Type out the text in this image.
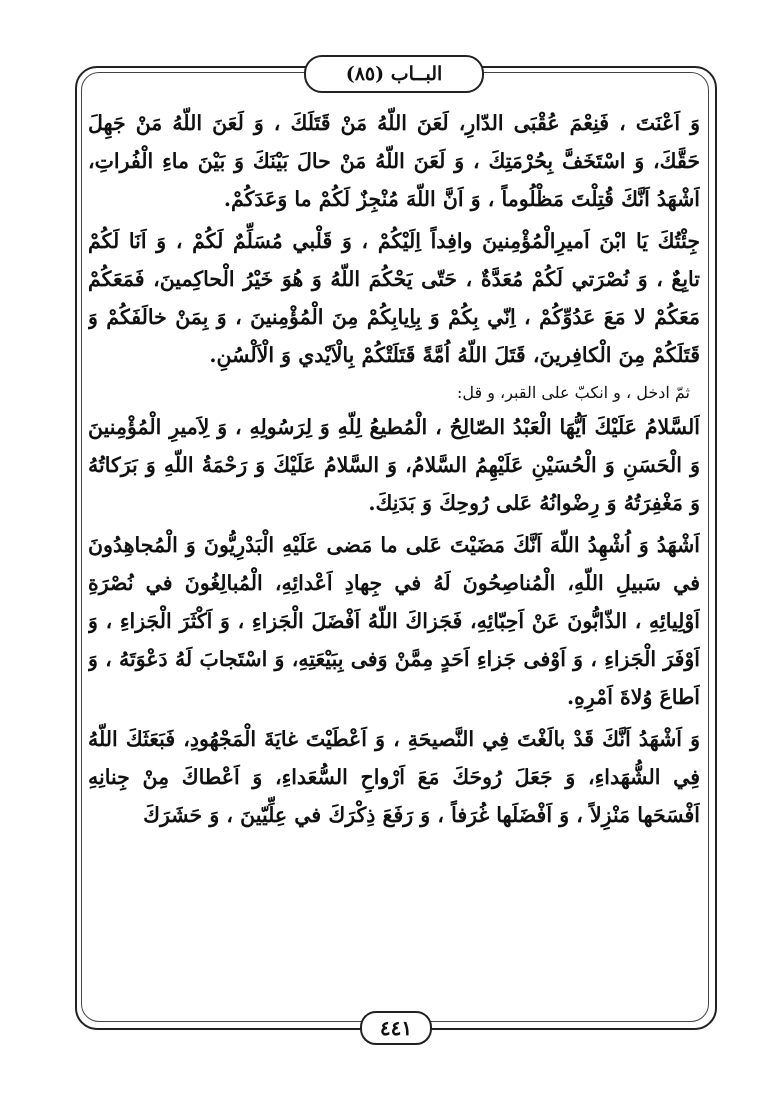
البــاب (٨٥)

وَ اَعْنَتَ ، فَنِعْمَ عُقْبَى الدّارِ، لَعَنَ اللّهُ مَنْ قَتَلَكَ ، وَ لَعَنَ اللّهُ مَنْ جَهِلَ حَقَّكَ، وَ اسْتَخَفَّ بِحُرْمَتِكَ ، وَ لَعَنَ اللّهُ مَنْ حالَ بَيْنَكَ وَ بَيْنَ ماءِ الْفُراتِ، اَشْهَدُ اَنَّكَ قُتِلْتَ مَظْلُوماً ، وَ اَنَّ اللّهَ مُنْجِزٌ لَكُمْ ما وَعَدَكُمْ.

جِئْتُكَ يَا ابْنَ اَميرِالْمُؤْمِنينَ وافِداً اِلَيْكُمْ ، وَ قَلْبي مُسَلِّمٌ لَكُمْ ، وَ اَنَا لَكُمْ تابِعٌ ، وَ نُصْرَتي لَكُمْ مُعَدَّةٌ ، حَتّى يَحْكُمَ اللّهُ وَ هُوَ خَيْرُ الْحاكِمينَ، فَمَعَكُمْ مَعَكُمْ لا مَعَ عَدُوِّكُمْ ، اِنّي بِكُمْ وَ بِاِيابِكُمْ مِنَ الْمُؤْمِنينَ ، وَ بِمَنْ خالَفَكُمْ وَ قَتَلَكُمْ مِنَ الْكافِرينَ، قَتَلَ اللّهُ اُمَّةً قَتَلَتْكُمْ بِالْاَيْدي وَ الْاَلْسُنِ.

ثمّ ادخل ، و انكبّ على القبر، و قل:

اَلسَّلامُ عَلَيْكَ اَيُّهَا الْعَبْدُ الصّالِحُ ، الْمُطيعُ لِلّهِ وَ لِرَسُولِهِ ، وَ لِاَميرِ الْمُؤْمِنينَ وَ الْحَسَنِ وَ الْحُسَيْنِ عَلَيْهِمُ السَّلامُ، وَ السَّلامُ عَلَيْكَ وَ رَحْمَةُ اللّهِ وَ بَرَكاتُهُ وَ مَغْفِرَتُهُ وَ رِضْوانُهُ عَلى رُوحِكَ وَ بَدَنِكَ.

اَشْهَدُ وَ اُشْهِدُ اللّهَ اَنَّكَ مَضَيْتَ عَلى ما مَضى عَلَيْهِ الْبَدْرِيُّونَ وَ الْمُجاهِدُونَ في سَبيلِ اللّهِ، الْمُناصِحُونَ لَهُ في جِهادِ اَعْدائِهِ، الْمُبالِغُونَ في نُصْرَةِ اَوْلِيائِهِ ، الذّابُّونَ عَنْ اَحِبّائِهِ، فَجَزاكَ اللّهُ اَفْضَلَ الْجَزاءِ ، وَ اَكْثَرَ الْجَزاءِ ، وَ اَوْفَرَ الْجَزاءِ ، وَ اَوْفى جَزاءِ اَحَدٍ مِمَّنْ وَفى بِبَيْعَتِهِ، وَ اسْتَجابَ لَهُ دَعْوَتَهُ ، وَ اَطاعَ وُلاةَ اَمْرِهِ.

وَ اَشْهَدُ اَنَّكَ قَدْ بالَغْتَ فِي النَّصيحَةِ ، وَ اَعْطَيْتَ غايَةَ الْمَجْهُودِ، فَبَعَثَكَ اللّهُ فِي الشُّهَداءِ، وَ جَعَلَ رُوحَكَ مَعَ اَرْواحِ السُّعَداءِ، وَ اَعْطاكَ مِنْ جِنانِهِ اَفْسَحَها مَنْزِلاً ، وَ اَفْضَلَها غُرَفاً ، وَ رَفَعَ ذِكْرَكَ في عِلِّيّينَ ، وَ حَشَرَكَ

٤٤١
